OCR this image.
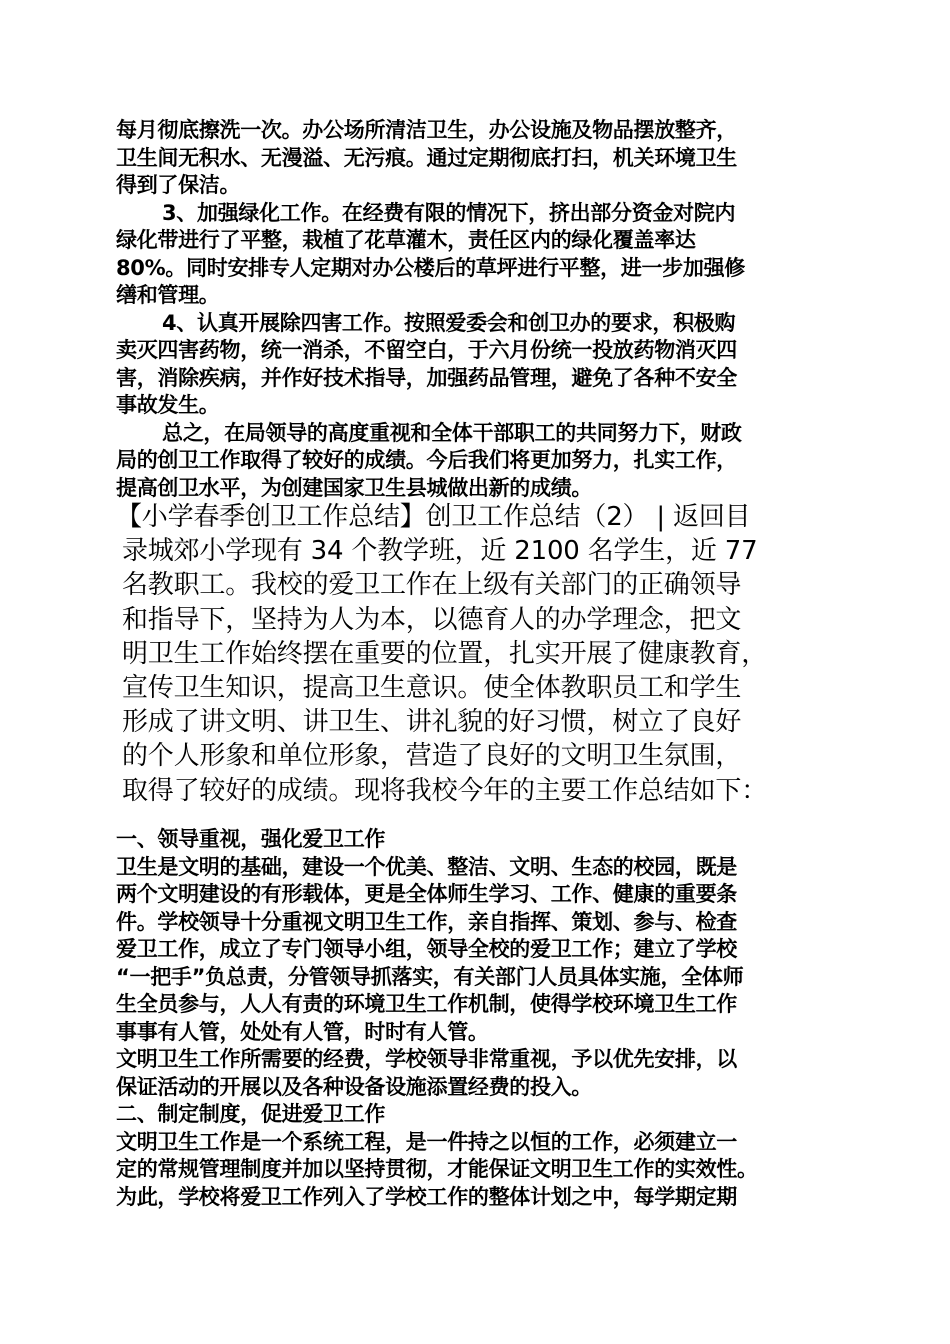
每月彻底擦洗一次。办公场所清洁卫生，办公设施及物品摆放整齐，
卫生间无积水、无漫溢、无污痕。通过定期彻底打扫，机关环境卫生
得到了保洁。
3、加强绿化工作。在经费有限的情况下，挤出部分资金对院内
绿化带进行了平整，栽植了花草灌木，责任区内的绿化覆盖率达
80%。同时安排专人定期对办公楼后的草坪进行平整，进一步加强修
缮和管理。
4、认真开展除四害工作。按照爱委会和创卫办的要求，积极购
卖灭四害药物，统一消杀，不留空白，于六月份统一投放药物消灭四
害，消除疾病，并作好技术指导，加强药品管理，避免了各种不安全
事故发生。
总之，在局领导的高度重视和全体干部职工的共同努力下，财政
局的创卫工作取得了较好的成绩。今后我们将更加努力，扎实工作，
提高创卫水平，为创建国家卫生县城做出新的成绩。
【小学春季创卫工作总结】创卫工作总结（2） | 返回目
录城郊小学现有 34 个教学班，近 2100 名学生，近 77
名教职工。我校的爱卫工作在上级有关部门的正确领导
和指导下，坚持为人为本，以德育人的办学理念，把文
明卫生工作始终摆在重要的位置，扎实开展了健康教育，
宣传卫生知识，提高卫生意识。使全体教职员工和学生
形成了讲文明、讲卫生、讲礼貌的好习惯，树立了良好
的个人形象和单位形象，营造了良好的文明卫生氛围，
取得了较好的成绩。现将我校今年的主要工作总结如下：
一、领导重视，强化爱卫工作
卫生是文明的基础，建设一个优美、整洁、文明、生态的校园，既是
两个文明建设的有形载体，更是全体师生学习、工作、健康的重要条
件。学校领导十分重视文明卫生工作，亲自指挥、策划、参与、检查
爱卫工作，成立了专门领导小组，领导全校的爱卫工作；建立了学校
“一把手”负总责，分管领导抓落实，有关部门人员具体实施，全体师
生全员参与，人人有责的环境卫生工作机制，使得学校环境卫生工作
事事有人管，处处有人管，时时有人管。
文明卫生工作所需要的经费，学校领导非常重视，予以优先安排，以
保证活动的开展以及各种设备设施添置经费的投入。
二、制定制度，促进爱卫工作
文明卫生工作是一个系统工程，是一件持之以恒的工作，必须建立一
定的常规管理制度并加以坚持贯彻，才能保证文明卫生工作的实效性。
为此，学校将爱卫工作列入了学校工作的整体计划之中，每学期定期
